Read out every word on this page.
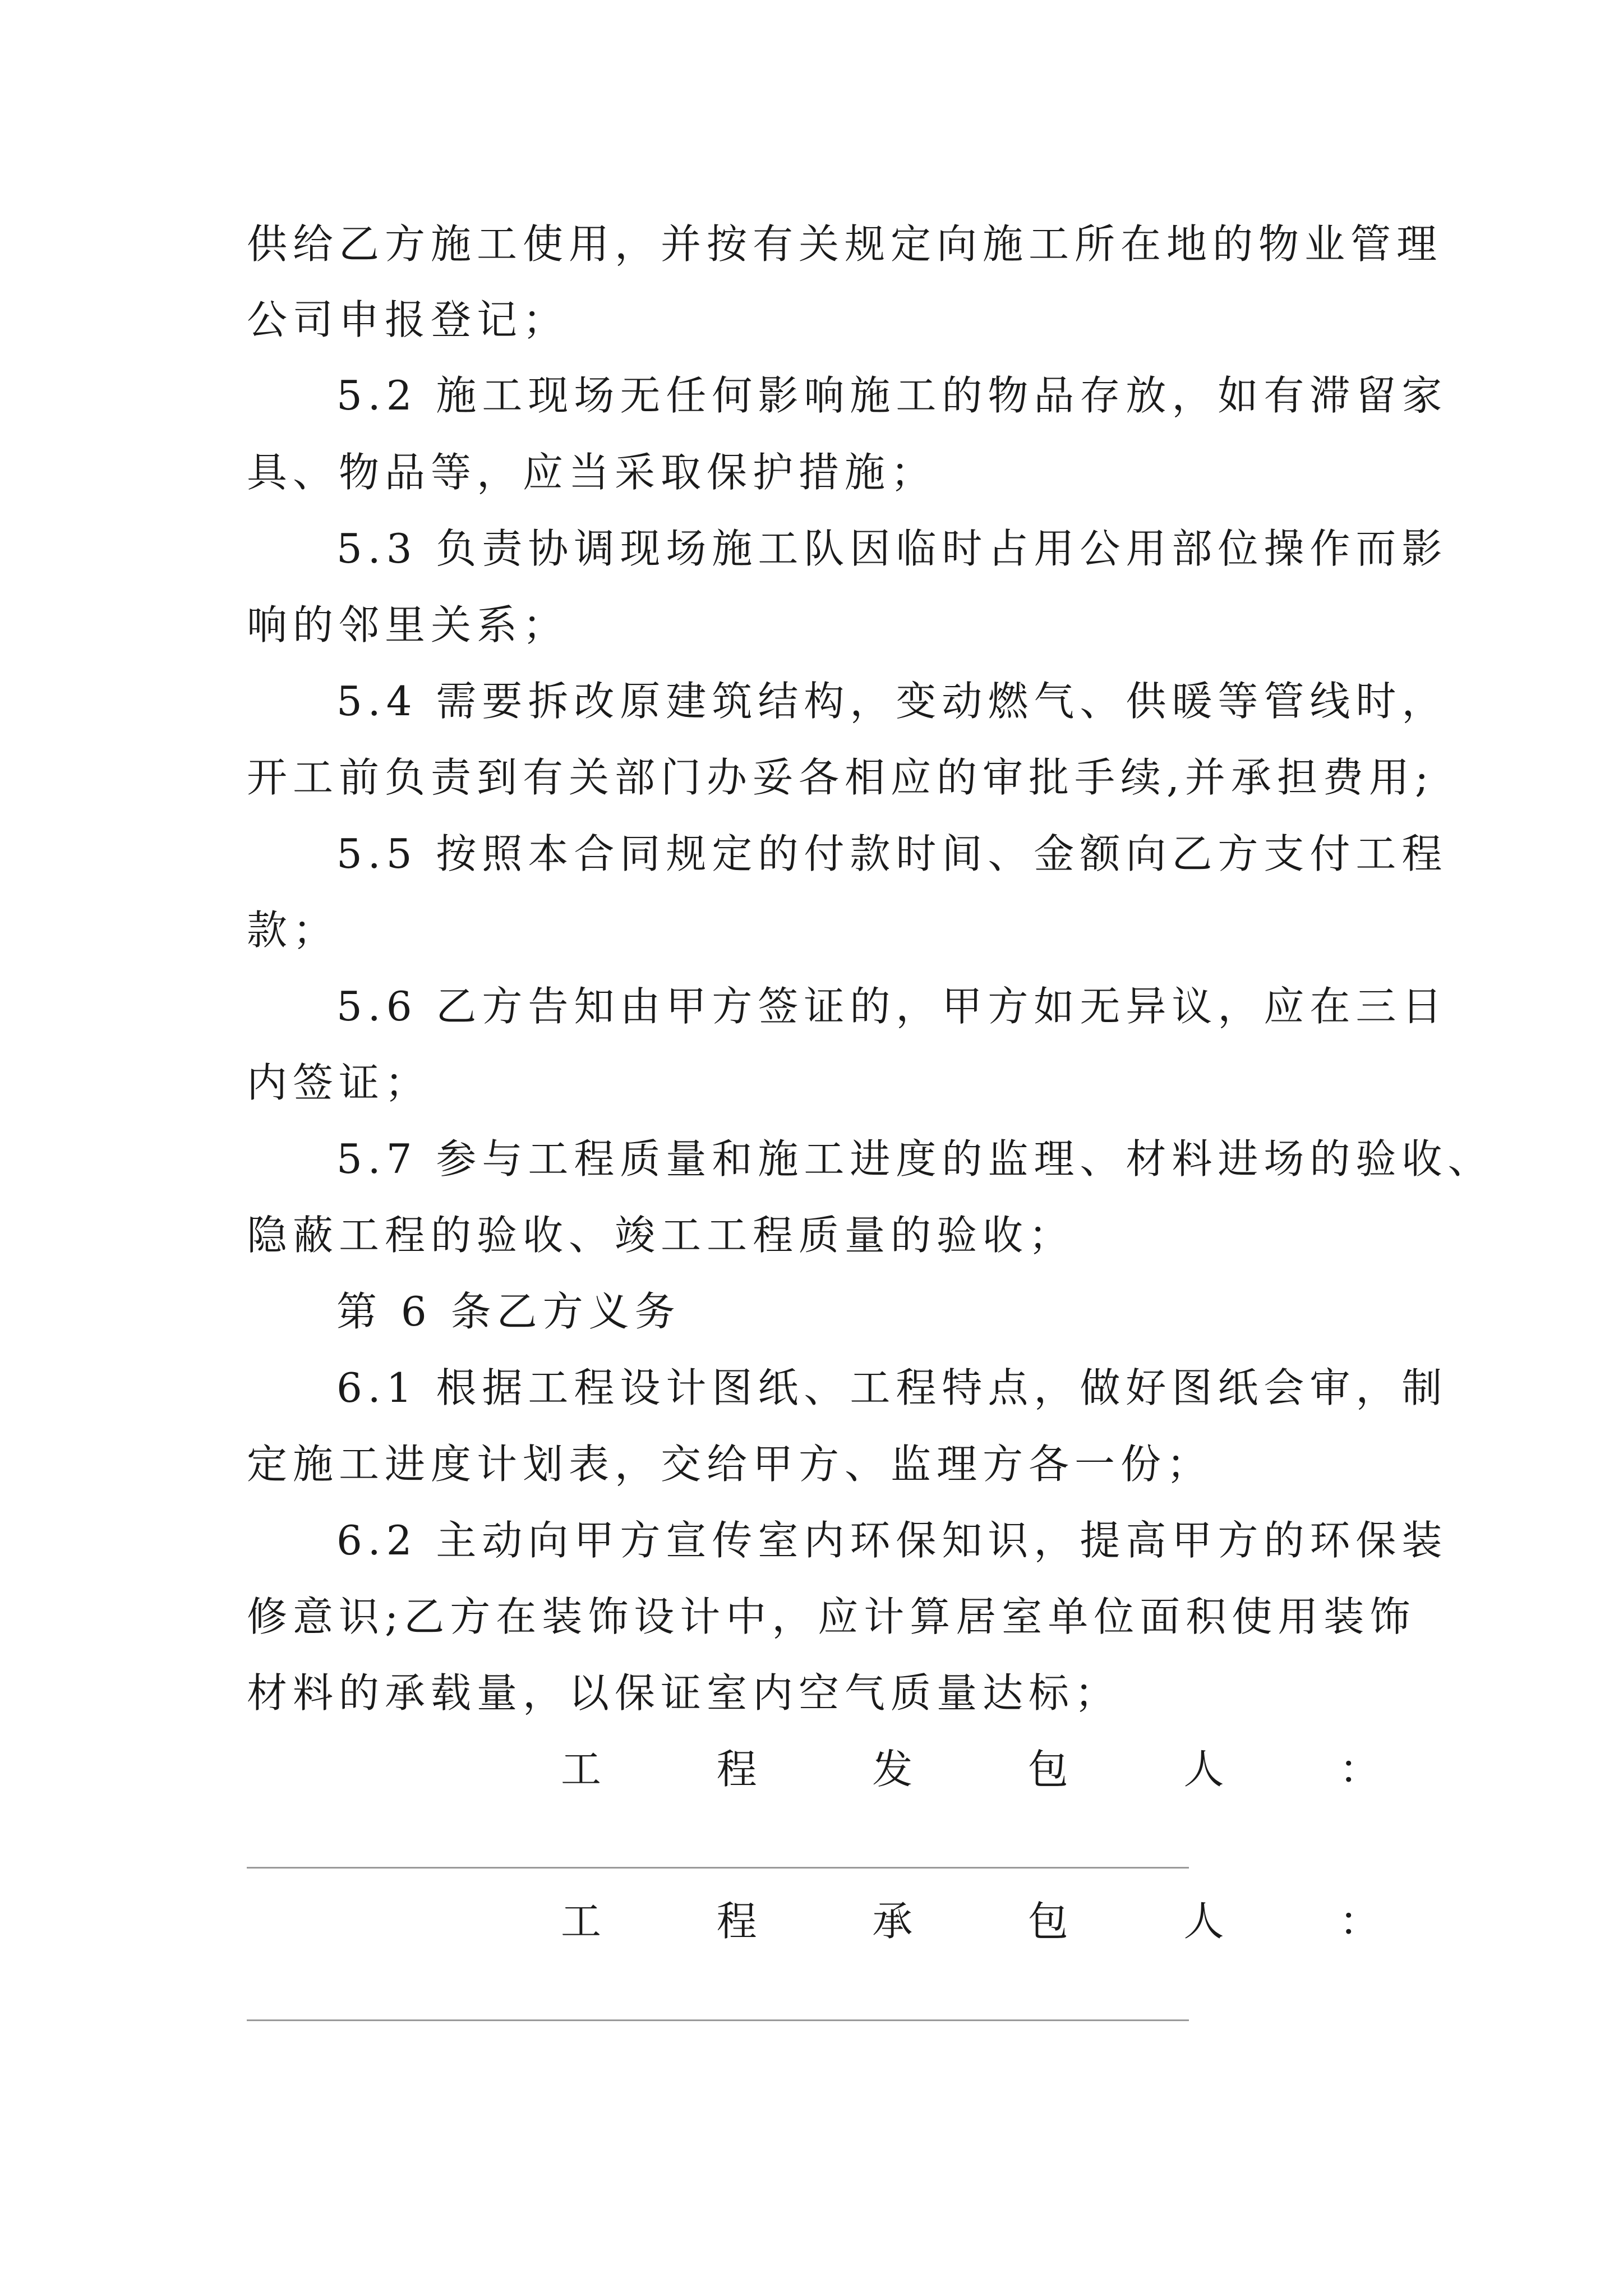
供给乙方施工使用，并按有关规定向施工所在地的物业管理
公司申报登记；
5.2 施工现场无任何影响施工的物品存放，如有滞留家
具、物品等，应当采取保护措施；
5.3 负责协调现场施工队因临时占用公用部位操作而影
响的邻里关系；
5.4 需要拆改原建筑结构，变动燃气、供暖等管线时，
开工前负责到有关部门办妥各相应的审批手续,并承担费用;
5.5 按照本合同规定的付款时间、金额向乙方支付工程
款；
5.6 乙方告知由甲方签证的，甲方如无异议，应在三日
内签证；
5.7 参与工程质量和施工进度的监理、材料进场的验收、
隐蔽工程的验收、竣工工程质量的验收；
第 6 条乙方义务
6.1 根据工程设计图纸、工程特点，做好图纸会审，制
定施工进度计划表，交给甲方、监理方各一份；
6.2 主动向甲方宣传室内环保知识，提高甲方的环保装
修意识;乙方在装饰设计中，应计算居室单位面积使用装饰
材料的承载量，以保证室内空气质量达标；
工	程	发	包	人	：
工	程	承	包	人	：
